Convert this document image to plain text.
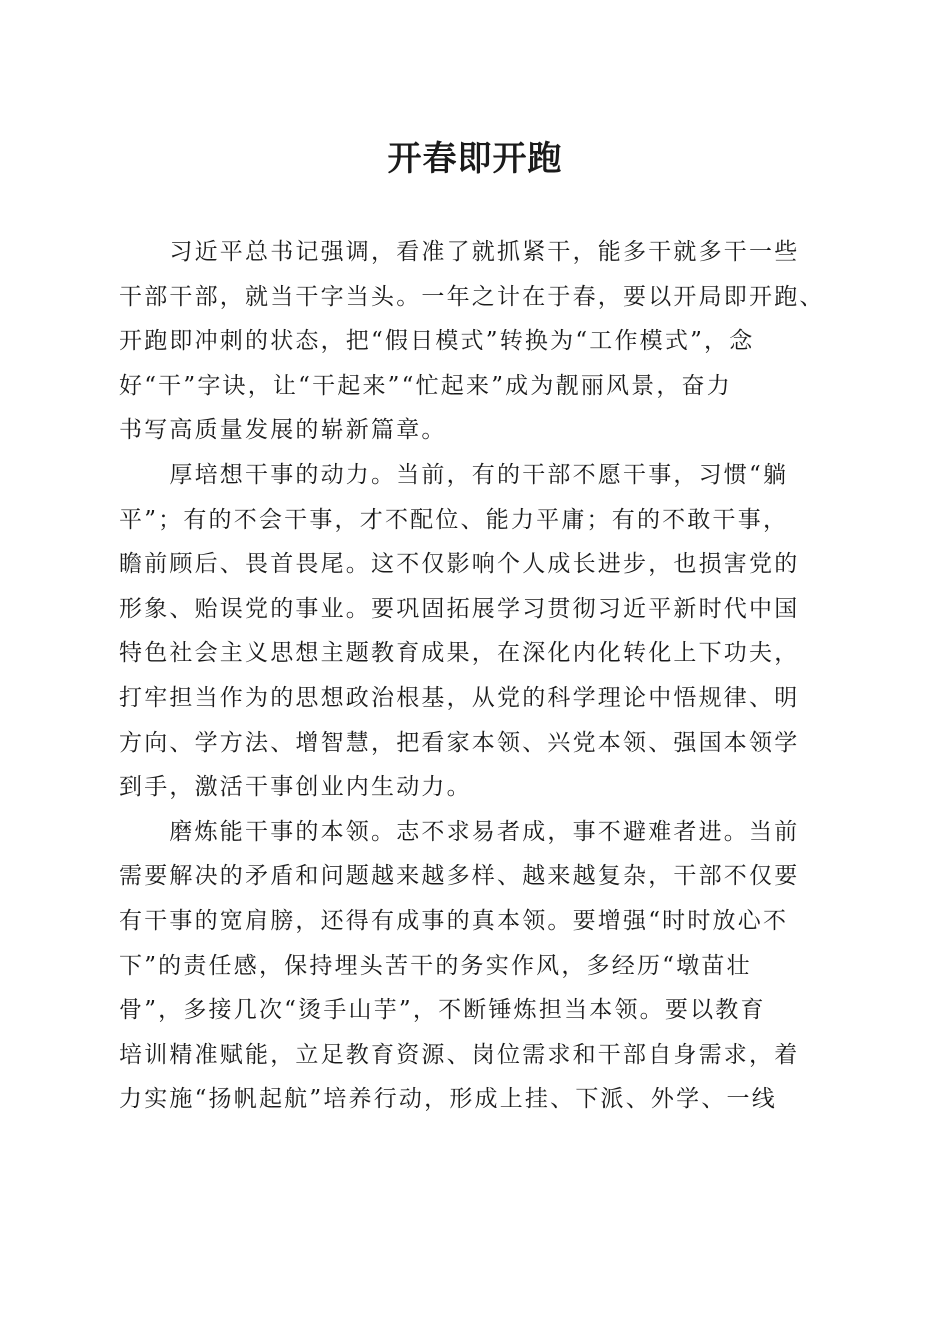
开春即开跑
　　习近平总书记强调，看准了就抓紧干，能多干就多干一些
干部干部，就当干字当头。一年之计在于春，要以开局即开跑、
开跑即冲刺的状态，把“假日模式”转换为“工作模式”，念
好“干”字诀，让“干起来”“忙起来”成为靓丽风景，奋力
书写高质量发展的崭新篇章。
　　厚培想干事的动力。当前，有的干部不愿干事，习惯“躺
平”；有的不会干事，才不配位、能力平庸；有的不敢干事，
瞻前顾后、畏首畏尾。这不仅影响个人成长进步，也损害党的
形象、贻误党的事业。要巩固拓展学习贯彻习近平新时代中国
特色社会主义思想主题教育成果，在深化内化转化上下功夫，
打牢担当作为的思想政治根基，从党的科学理论中悟规律、明
方向、学方法、增智慧，把看家本领、兴党本领、强国本领学
到手，激活干事创业内生动力。
　　磨炼能干事的本领。志不求易者成，事不避难者进。当前
需要解决的矛盾和问题越来越多样、越来越复杂，干部不仅要
有干事的宽肩膀，还得有成事的真本领。要增强“时时放心不
下”的责任感，保持埋头苦干的务实作风，多经历“墩苗壮
骨”，多接几次“烫手山芋”，不断锤炼担当本领。要以教育
培训精准赋能，立足教育资源、岗位需求和干部自身需求，着
力实施“扬帆起航”培养行动，形成上挂、下派、外学、一线
